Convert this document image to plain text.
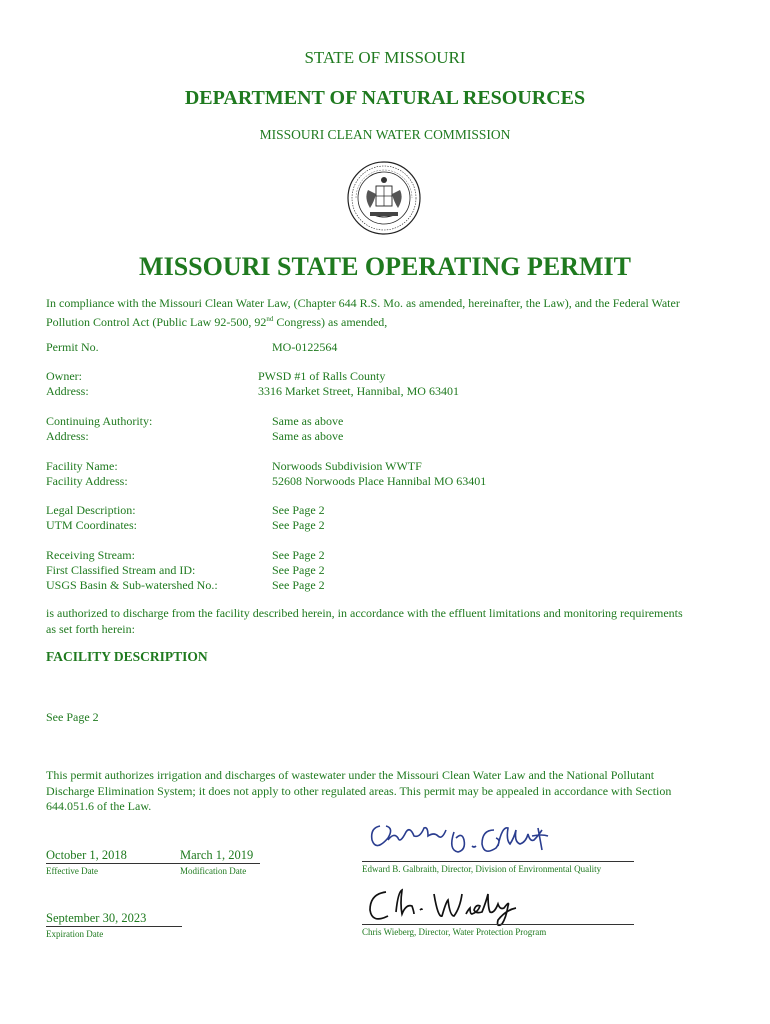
STATE OF MISSOURI
DEPARTMENT OF NATURAL RESOURCES
MISSOURI CLEAN WATER COMMISSION
MISSOURI STATE OPERATING PERMIT
In compliance with the Missouri Clean Water Law, (Chapter 644 R.S. Mo. as amended, hereinafter, the Law), and the Federal Water
Pollution Control Act (Public Law 92-500, 92nd Congress) as amended,
Permit No.	MO-0122564
Owner:	PWSD #1 of Ralls County
Address:	3316 Market Street, Hannibal, MO 63401
Continuing Authority:	Same as above
Address:	Same as above
Facility Name:	Norwoods Subdivision WWTF
Facility Address:	52608 Norwoods Place Hannibal MO 63401
Legal Description:	See Page 2
UTM Coordinates:	See Page 2
Receiving Stream:	See Page 2
First Classified Stream and ID:	See Page 2
USGS Basin & Sub-watershed No.:	See Page 2
is authorized to discharge from the facility described herein, in accordance with the effluent limitations and monitoring requirements
as set forth herein:
FACILITY DESCRIPTION
See Page 2
This permit authorizes irrigation and discharges of wastewater under the Missouri Clean Water Law and the National Pollutant
Discharge Elimination System; it does not apply to other regulated areas. This permit may be appealed in accordance with Section
644.051.6 of the Law.
October 1, 2018
Effective Date
March 1, 2019
Modification Date
September 30, 2023
Expiration Date
Edward B. Galbraith, Director, Division of Environmental Quality
Chris Wieberg, Director, Water Protection Program
